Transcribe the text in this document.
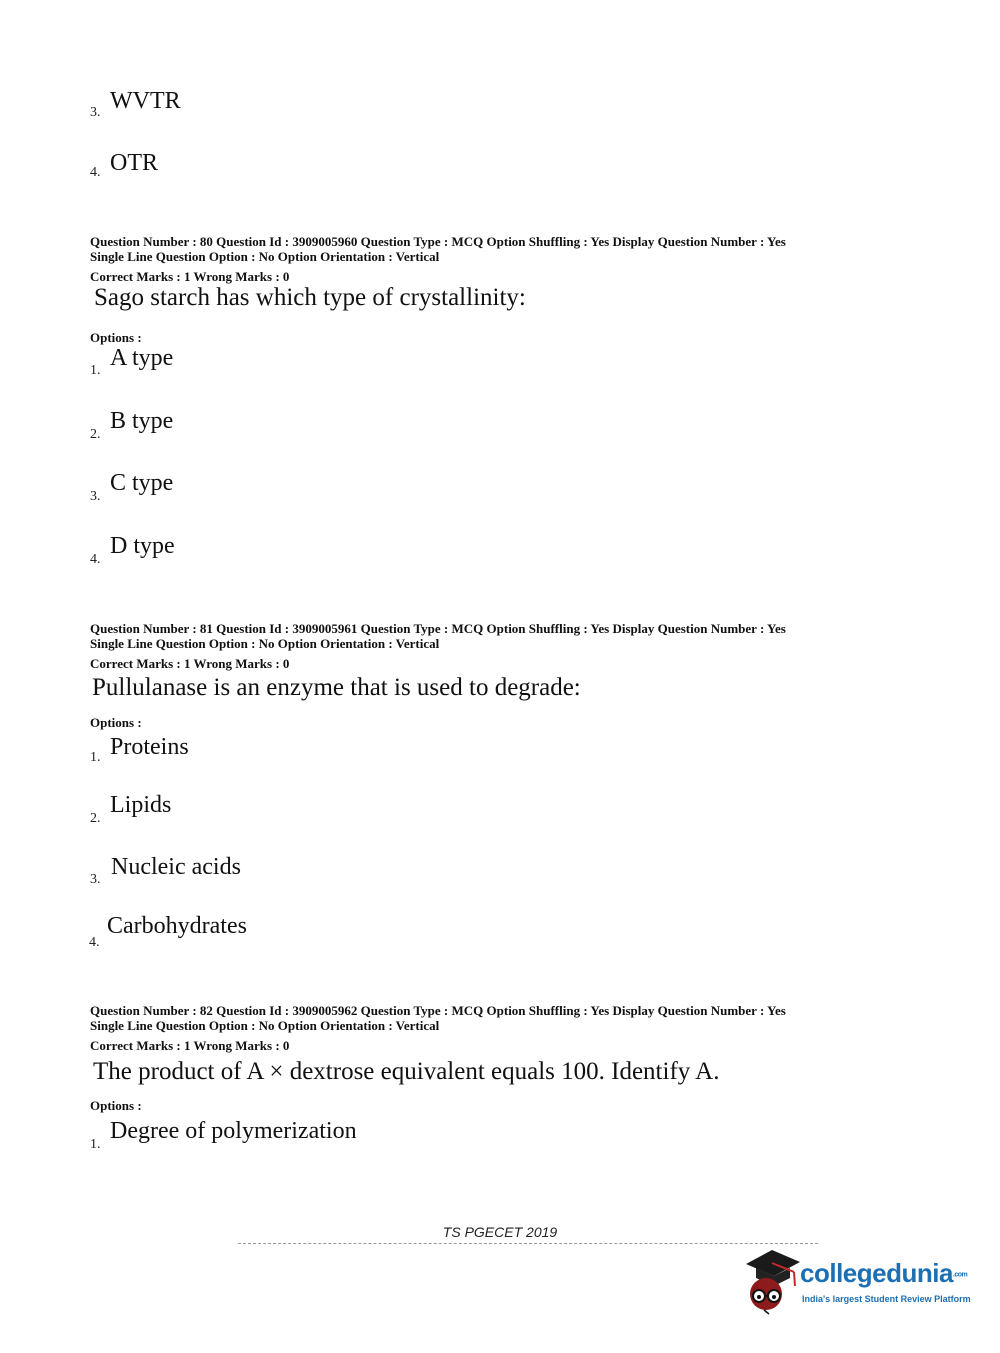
3. WVTR
4. OTR
Question Number : 80 Question Id : 3909005960 Question Type : MCQ Option Shuffling : Yes Display Question Number : Yes
Single Line Question Option : No Option Orientation : Vertical
Correct Marks : 1 Wrong Marks : 0
Sago starch has which type of crystallinity:
Options :
1. A type
2.
B type
3.
C type
4.
D type
Question Number : 81 Question Id : 3909005961 Question Type : MCQ Option Shuffling : Yes Display Question Number : Yes
Single Line Question Option : No Option Orientation : Vertical
Correct Marks : 1 Wrong Marks : 0
Pullulanase is an enzyme that is used to degrade:
Options :
1. Proteins
2.
Lipids
3. Nucleic acids
4.
Carbohydrates
Question Number : 82 Question Id : 3909005962 Question Type : MCQ Option Shuffling : Yes Display Question Number : Yes
Single Line Question Option : No Option Orientation : Vertical
Correct Marks : 1 Wrong Marks : 0
The product of A × dextrose equivalent equals 100. Identify A.
Options :
1.
Degree of polymerization
TS PGECET 2019
collegedunia.com
India's largest Student Review Platform
